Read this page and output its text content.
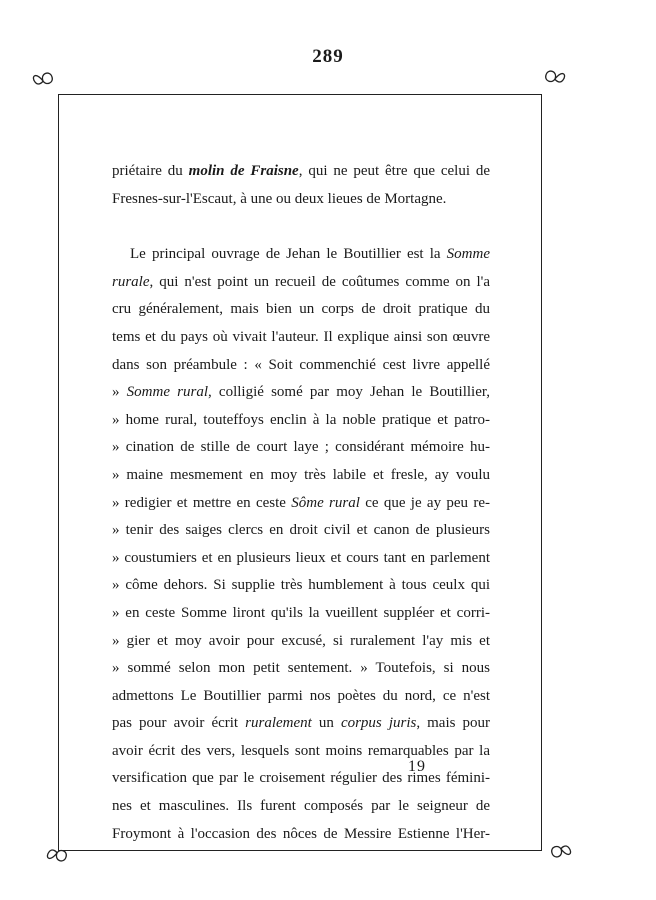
289
priétaire du molin de Fraisne, qui ne peut être que celui de
Fresnes-sur-l'Escaut, à une ou deux lieues de Mortagne.
Le principal ouvrage de Jehan le Boutillier est la Somme
rurale, qui n'est point un recueil de coûtumes comme on l'a
cru généralement, mais bien un corps de droit pratique du
tems et du pays où vivait l'auteur. Il explique ainsi son œuvre
dans son préambule : « Soit commenchié cest livre appellé
» Somme rural, colligié somé par moy Jehan le Boutillier,
» home rural, touteffoys enclin à la noble pratique et patro-
» cination de stille de court laye ; considérant mémoire hu-
» maine mesmement en moy très labile et fresle, ay voulu
» redigier et mettre en ceste Sôme rural ce que je ay peu re-
» tenir des saiges clercs en droit civil et canon de plusieurs
» coustumiers et en plusieurs lieux et cours tant en parlement
» côme dehors. Si supplie très humblement à tous ceulx qui
» en ceste Somme liront qu'ils la vueillent suppléer et corri-
» gier et moy avoir pour excusé, si ruralement l'ay mis et
» sommé selon mon petit sentement. » Toutefois, si nous
admettons Le Boutillier parmi nos poètes du nord, ce n'est
pas pour avoir écrit ruralement un corpus juris, mais pour
avoir écrit des vers, lesquels sont moins remarquables par la
versification que par le croisement régulier des rimes fémini-
nes et masculines. Ils furent composés par le seigneur de
Froymont à l'occasion des nôces de Messire Estienne l'Her-
19
